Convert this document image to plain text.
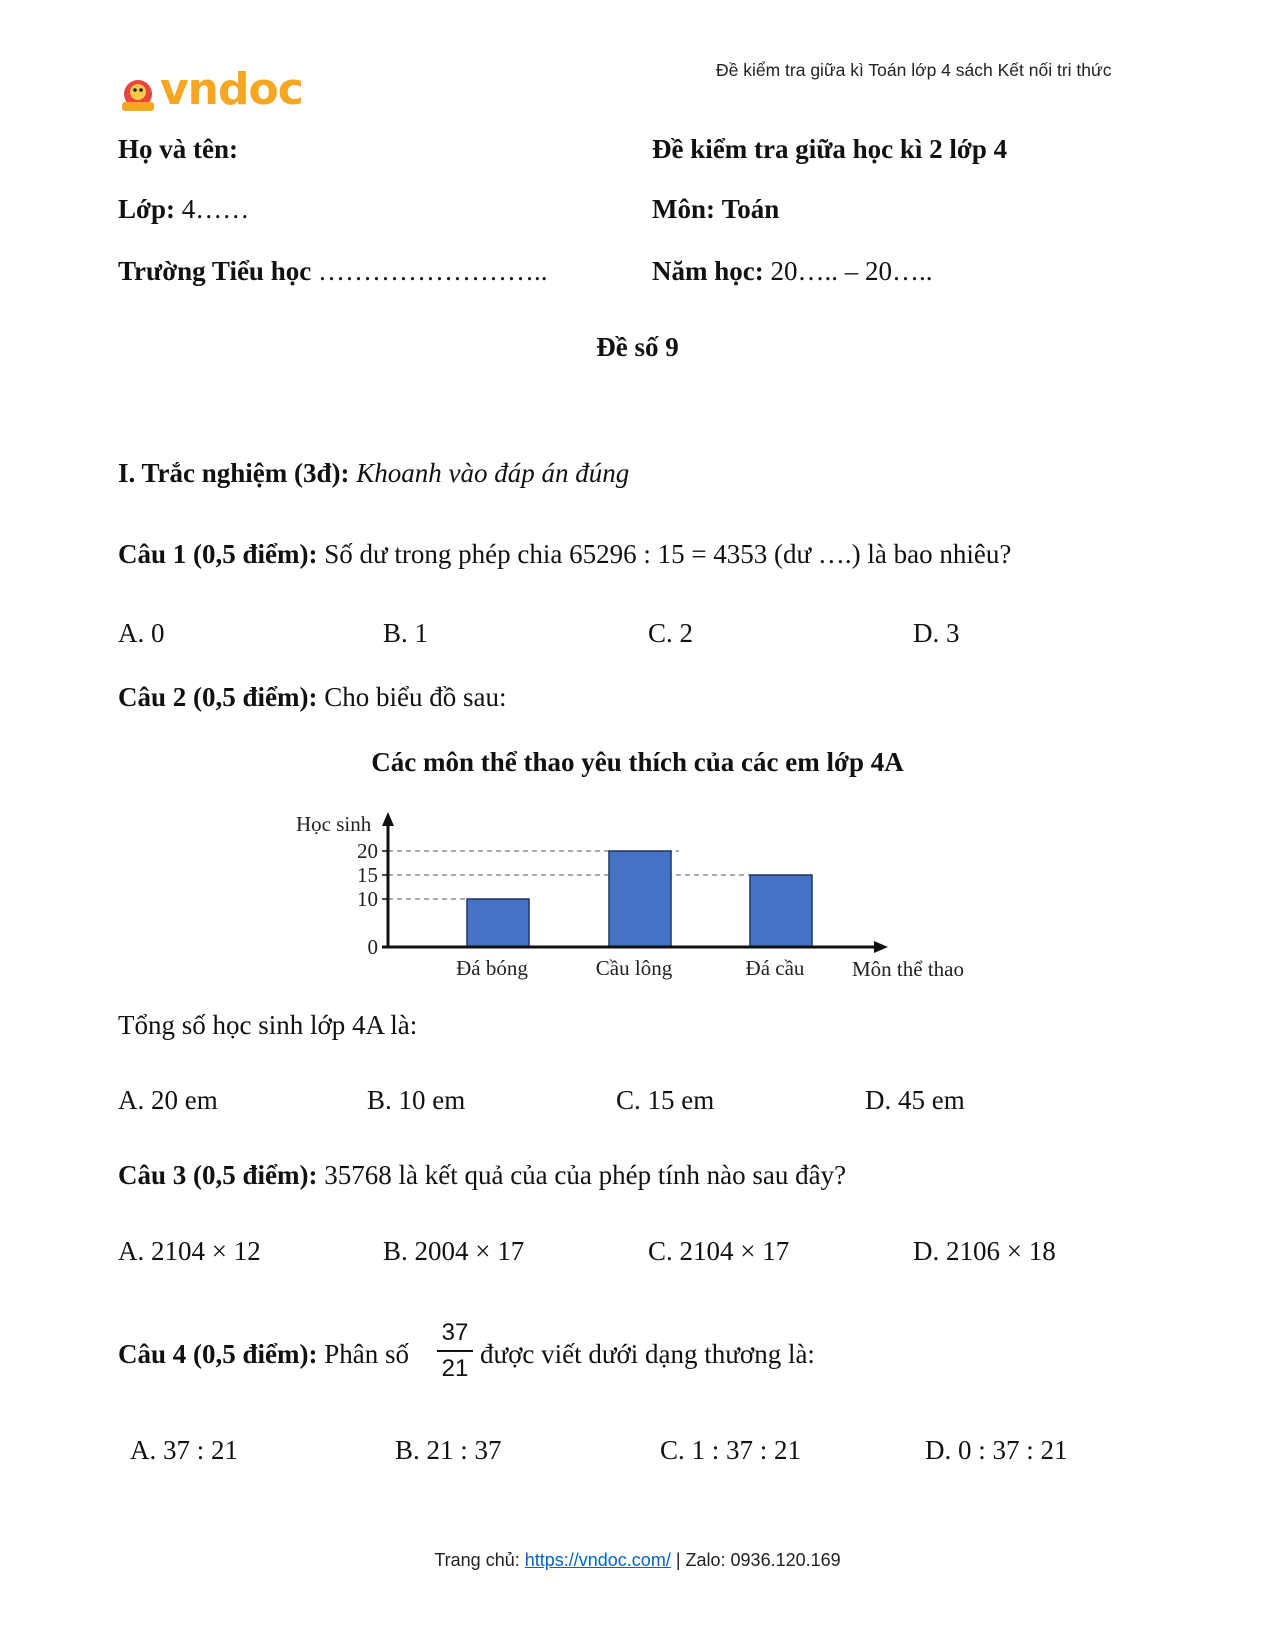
Đề kiểm tra giữa kì Toán lớp 4 sách Kết nối tri thức
vndoc
Họ và tên:
Lớp: 4……
Trường Tiểu học ……………………..
Đề kiểm tra giữa học kì 2 lớp 4
Môn: Toán
Năm học: 20….. – 20…..
Đề số 9
I. Trắc nghiệm (3đ): Khoanh vào đáp án đúng
Câu 1 (0,5 điểm): Số dư trong phép chia 65296 : 15 = 4353 (dư ….) là bao nhiêu?
A. 0	B. 1	C. 2	D. 3
Câu 2 (0,5 điểm): Cho biểu đồ sau:
Các môn thể thao yêu thích của các em lớp 4A
0
10
15
20
Đá bóng	Cầu lông	Đá cầu
Học sinh
Môn thể thao
Tổng số học sinh lớp 4A là:
A. 20 em	B. 10 em	C. 15 em	D. 45 em
Câu 3 (0,5 điểm): 35768 là kết quả của của phép tính nào sau đây?
A. 2104 × 12	B. 2004 × 17	C. 2104 × 17	D. 2106 × 18
Câu 4 (0,5 điểm): Phân số
37
21 được viết dưới dạng thương là:
A. 37 : 21	B. 21 : 37	C. 1 : 37 : 21	D. 0 : 37 : 21
Trang chủ: https://vndoc.com/ | Zalo: 0936.120.169
